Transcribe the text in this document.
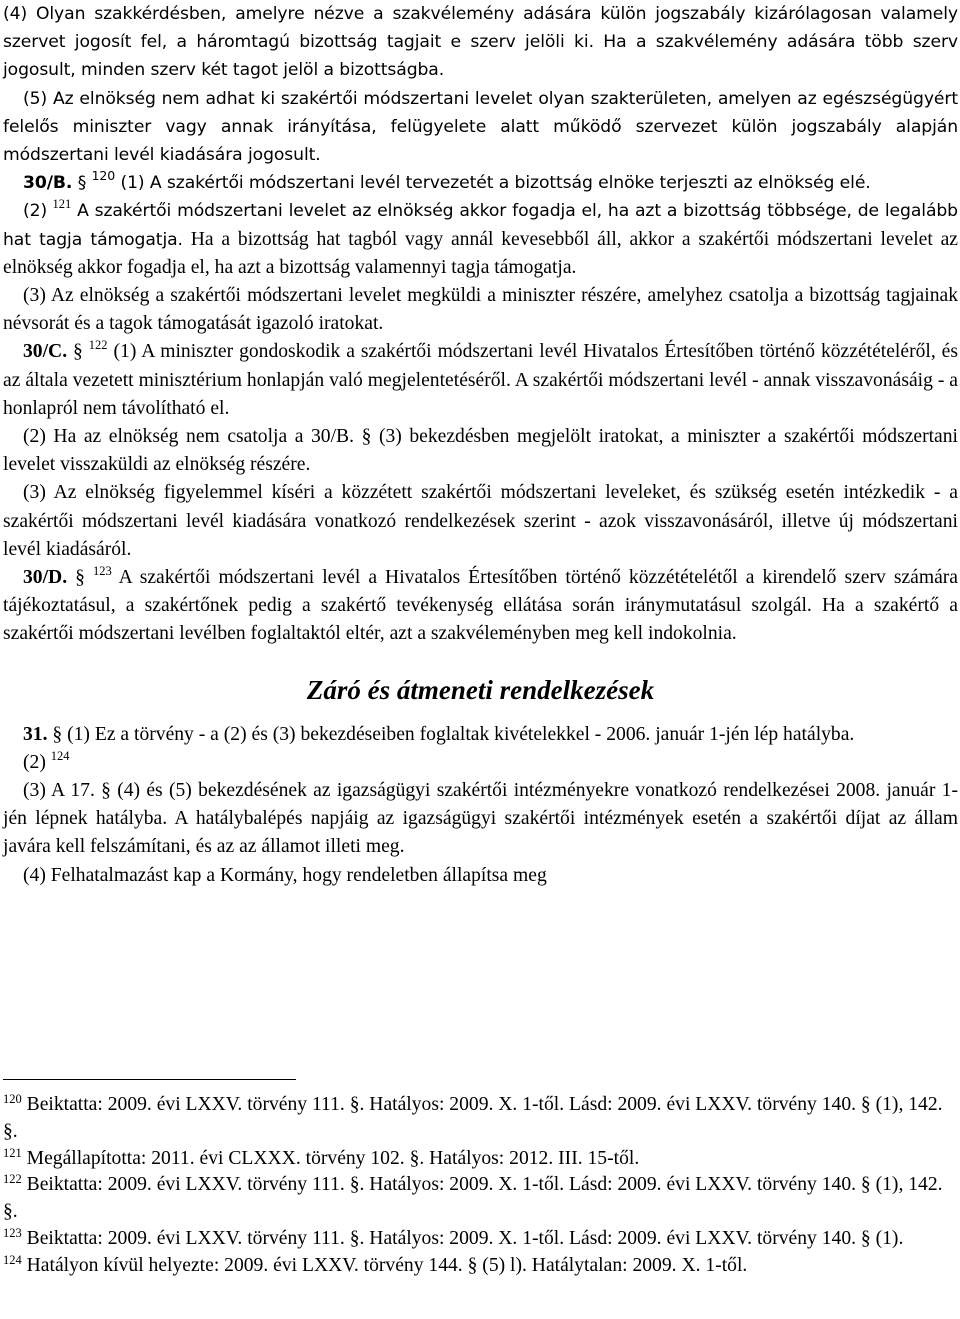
(4) Olyan szakkérdésben, amelyre nézve a szakvélemény adására külön jogszabály kizárólagosan valamely szervet jogosít fel, a háromtagú bizottság tagjait e szerv jelöli ki. Ha a szakvélemény adására több szerv jogosult, minden szerv két tagot jelöl a bizottságba.

(5) Az elnökség nem adhat ki szakértői módszertani levelet olyan szakterületen, amelyen az egészségügyért felelős miniszter vagy annak irányítása, felügyelete alatt működő szervezet külön jogszabály alapján módszertani levél kiadására jogosult.

30/B. § $^{120}$ (1) A szakértői módszertani levél tervezetét a bizottság elnöke terjeszti az elnökség elé.

(2) $^{121}$ A szakértői módszertani levelet az elnökség akkor fogadja el, ha azt a bizottság többsége, de legalább hat tagja támogatja. Ha a bizottság hat tagból vagy annál kevesebből áll, akkor a szakértői módszertani levelet az elnökség akkor fogadja el, ha azt a bizottság valamennyi tagja támogatja.

(3) Az elnökség a szakértői módszertani levelet megküldi a miniszter részére, amelyhez csatolja a bizottság tagjainak névsorát és a tagok támogatását igazoló iratokat.

30/C. § $^{122}$ (1) A miniszter gondoskodik a szakértői módszertani levél Hivatalos Értesítőben történő közzétételéről, és az általa vezetett minisztérium honlapján való megjelentetéséről. A szakértői módszertani levél - annak visszavonásáig - a honlapról nem távolítható el.

(2) Ha az elnökség nem csatolja a 30/B. § (3) bekezdésben megjelölt iratokat, a miniszter a szakértői módszertani levelet visszaküldi az elnökség részére.

(3) Az elnökség figyelemmel kíséri a közzétett szakértői módszertani leveleket, és szükség esetén intézkedik - a szakértői módszertani levél kiadására vonatkozó rendelkezések szerint - azok visszavonásáról, illetve új módszertani levél kiadásáról.

30/D. § $^{123}$ A szakértői módszertani levél a Hivatalos Értesítőben történő közzétételétől a kirendelő szerv számára tájékoztatásul, a szakértőnek pedig a szakértő tevékenység ellátása során iránymutatásul szolgál. Ha a szakértő a szakértői módszertani levélben foglaltaktól eltér, azt a szakvéleményben meg kell indokolnia.

Záró és átmeneti rendelkezések

31. § (1) Ez a törvény - a (2) és (3) bekezdéseiben foglaltak kivételekkel - 2006. január 1-jén lép hatályba.

(2) $^{124}$

(3) A 17. § (4) és (5) bekezdésének az igazságügyi szakértői intézményekre vonatkozó rendelkezései 2008. január 1-jén lépnek hatályba. A hatálybalépés napjáig az igazságügyi szakértői intézmények esetén a szakértői díjat az állam javára kell felszámítani, és az az államot illeti meg.

(4) Felhatalmazást kap a Kormány, hogy rendeletben állapítsa meg

$^{120}$ Beiktatta: 2009. évi LXXV. törvény 111. §. Hatályos: 2009. X. 1-től. Lásd: 2009. évi LXXV. törvény 140. § (1), 142. §.

$^{121}$ Megállapította: 2011. évi CLXXX. törvény 102. §. Hatályos: 2012. III. 15-től.

$^{122}$ Beiktatta: 2009. évi LXXV. törvény 111. §. Hatályos: 2009. X. 1-től. Lásd: 2009. évi LXXV. törvény 140. § (1), 142. §.

$^{123}$ Beiktatta: 2009. évi LXXV. törvény 111. §. Hatályos: 2009. X. 1-től. Lásd: 2009. évi LXXV. törvény 140. § (1).

$^{124}$ Hatályon kívül helyezte: 2009. évi LXXV. törvény 144. § (5) l). Hatálytalan: 2009. X. 1-től.
